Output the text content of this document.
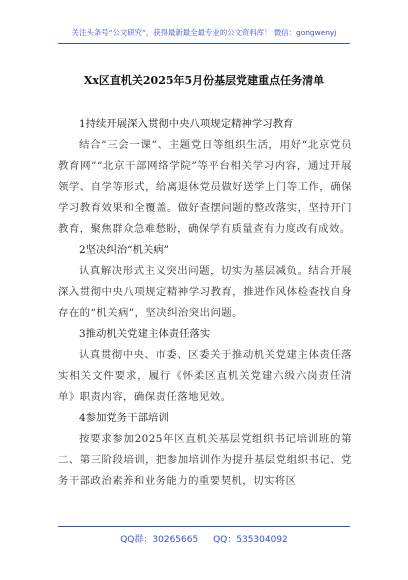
关注头条号“公文研究”，获得最新最全最专业的公文资料库！ 微信：gongwenyj
Xx区直机关2025年5月份基层党建重点任务清单
1持续开展深入贯彻中央八项规定精神学习教育
结合“三会一课”、主题党日等组织生活，用好“北京党员教育网”“北京干部网络学院”等平台相关学习内容，通过开展领学、自学等形式，给离退休党员做好送学上门等工作，确保学习教育效果和全覆盖。做好查摆问题的整改落实，坚持开门教育，聚焦群众急难愁盼，确保学有质量查有力度改有成效。
2坚决纠治“机关病”
认真解决形式主义突出问题，切实为基层减负。结合开展深入贯彻中央八项规定精神学习教育，推进作风体检查找自身存在的“机关病”，坚决纠治突出问题。
3推动机关党建主体责任落实
认真贯彻中央、市委、区委关于推动机关党建主体责任落实相关文件要求，履行《怀柔区直机关党建六级六岗责任清单》职责内容，确保责任落地见效。
4参加党务干部培训
按要求参加2025年区直机关基层党组织书记培训班的第二、第三阶段培训，把参加培训作为提升基层党组织书记、党务干部政治素养和业务能力的重要契机，切实将区
QQ群：30265665 QQ：535304092
